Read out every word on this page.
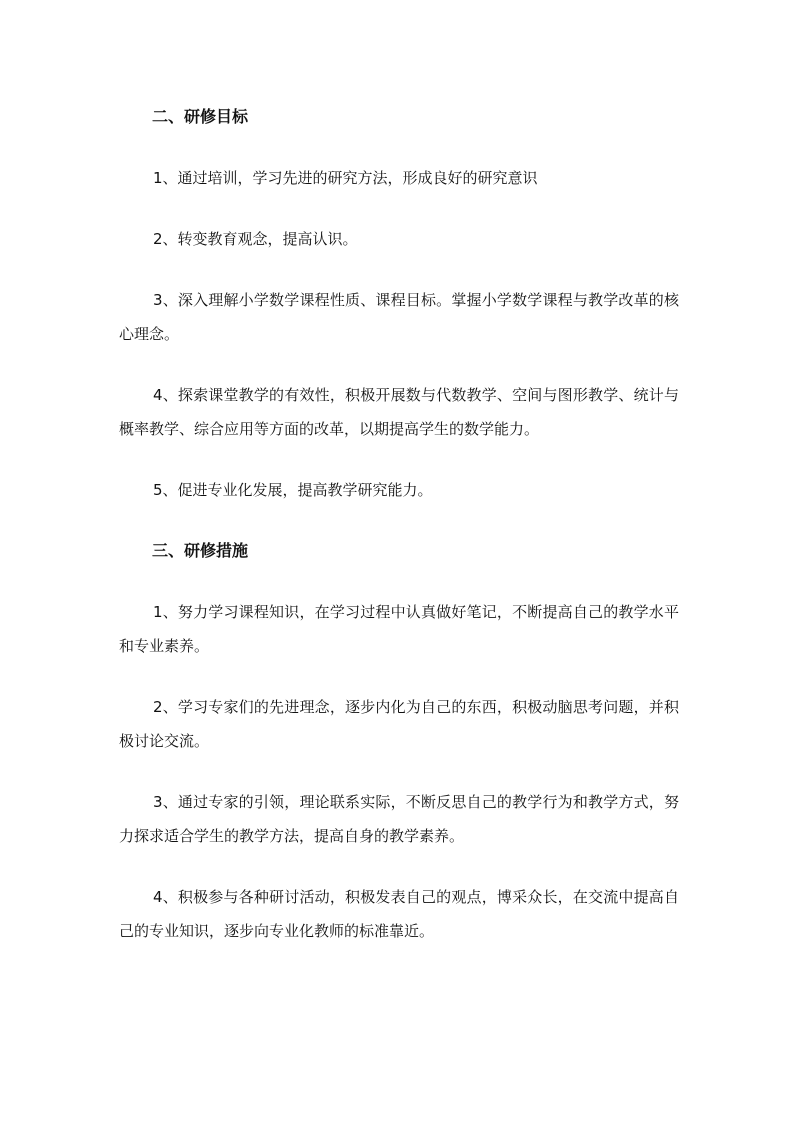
二、研修目标

1、通过培训，学习先进的研究方法，形成良好的研究意识

2、转变教育观念，提高认识。

3、深入理解小学数学课程性质、课程目标。掌握小学数学课程与教学改革的核心理念。

4、探索课堂教学的有效性，积极开展数与代数教学、空间与图形教学、统计与概率教学、综合应用等方面的改革，以期提高学生的数学能力。

5、促进专业化发展，提高教学研究能力。

三、研修措施

1、努力学习课程知识，在学习过程中认真做好笔记，不断提高自己的教学水平和专业素养。

2、学习专家们的先进理念，逐步内化为自己的东西，积极动脑思考问题，并积极讨论交流。

3、通过专家的引领，理论联系实际，不断反思自己的教学行为和教学方式，努力探求适合学生的教学方法，提高自身的教学素养。

4、积极参与各种研讨活动，积极发表自己的观点，博采众长，在交流中提高自己的专业知识，逐步向专业化教师的标准靠近。
